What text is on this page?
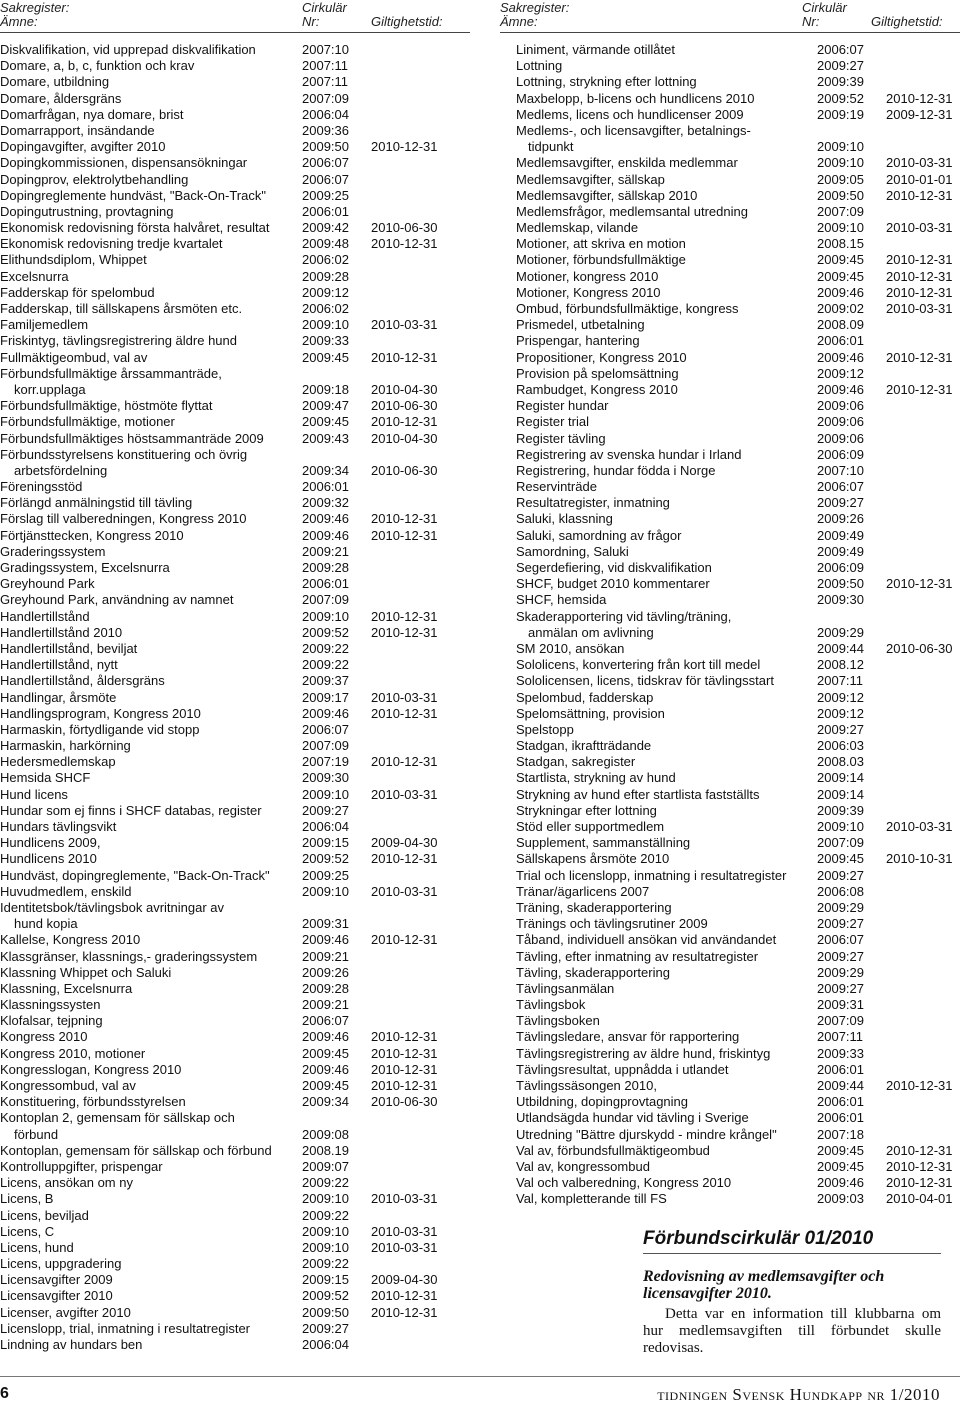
Sakregister:
Ämne:
Cirkulär
Nr:	Giltighetstid:
Diskvalifikation, vid upprepad diskvalifikation	2007:10
Domare, a, b, c, funktion och krav	2007:11
Domare, utbildning	2007:11
Domare, åldersgräns	2007:09
Domarfrågan, nya domare, brist	2006:04
Domarrapport, insändande	2009:36
Dopingavgifter, avgifter 2010	2009:50 2010-12-31
Dopingkommissionen, dispensansökningar	2006:07
Dopingprov, elektrolytbehandling	2006:07
Dopingreglemente hundväst, "Back-On-Track"	2009:25
Dopingutrustning, provtagning	2006:01
Ekonomisk redovisning första halvåret, resultat 2009:42 2010-06-30
Ekonomisk redovisning tredje kvartalet	2009:48 2010-12-31
Elithundsdiplom, Whippet	2006:02
Excelsnurra	2009:28
Fadderskap för spelombud	2009:12
Fadderskap, till sällskapens årsmöten etc.	2006:02
Familjemedlem	2009:10 2010-03-31
Friskintyg, tävlingsregistrering äldre hund	2009:33
Fullmäktigeombud, val av	2009:45 2010-12-31
Förbundsfullmäktige årssammanträde,
korr.upplaga	2009:18 2010-04-30
Förbundsfullmäktige, höstmöte flyttat	2009:47 2010-06-30
Förbundsfullmäktige, motioner	2009:45 2010-12-31
Förbundsfullmäktiges höstsammanträde 2009	2009:43 2010-04-30
Förbundsstyrelsens konstituering och övrig
arbetsfördelning	2009:34 2010-06-30
Föreningsstöd	2006:01
Förlängd anmälningstid till tävling	2009:32
Förslag till valberedningen, Kongress 2010	2009:46 2010-12-31
Förtjänsttecken, Kongress 2010	2009:46 2010-12-31
Graderingssystem	2009:21
Gradingssystem, Excelsnurra	2009:28
Greyhound Park	2006:01
Greyhound Park, användning av namnet	2007:09
Handlertillstånd	2009:10 2010-12-31
Handlertillstånd 2010	2009:52 2010-12-31
Handlertillstånd, beviljat	2009:22
Handlertillstånd, nytt	2009:22
Handlertillstånd, åldersgräns	2009:37
Handlingar, årsmöte	2009:17 2010-03-31
Handlingsprogram, Kongress 2010	2009:46 2010-12-31
Harmaskin, förtydligande vid stopp	2006:07
Harmaskin, harkörning	2007:09
Hedersmedlemskap	2007:19 2010-12-31
Hemsida SHCF	2009:30
Hund licens	2009:10 2010-03-31
Hundar som ej finns i SHCF databas, register	2009:27
Hundars tävlingsvikt	2006:04
Hundlicens 2009,	2009:15 2009-04-30
Hundlicens 2010	2009:52 2010-12-31
Hundväst, dopingreglemente, "Back-On-Track" 2009:25
Huvudmedlem, enskild	2009:10 2010-03-31
Identitetsbok/tävlingsbok avritningar av
hund kopia	2009:31
Kallelse, Kongress 2010	2009:46 2010-12-31
Klassgränser, klassnings,- graderingssystem	2009:21
Klassning Whippet och Saluki	2009:26
Klassning, Excelsnurra	2009:28
Klassningssysten	2009:21
Klofalsar, tejpning	2006:07
Kongress 2010	2009:46 2010-12-31
Kongress 2010, motioner	2009:45 2010-12-31
Kongresslogan, Kongress 2010	2009:46 2010-12-31
Kongressombud, val av	2009:45 2010-12-31
Konstituering, förbundsstyrelsen	2009:34 2010-06-30
Kontoplan 2, gemensam för sällskap och
förbund	2009:08
Kontoplan, gemensam för sällskap och förbund 2008.19
Kontrolluppgifter, prispengar	2009:07
Licens, ansökan om ny	2009:22
Licens, B	2009:10 2010-03-31
Licens, beviljad	2009:22
Licens, C	2009:10 2010-03-31
Licens, hund	2009:10 2010-03-31
Licens, uppgradering	2009:22
Licensavgifter 2009	2009:15 2009-04-30
Licensavgifter 2010	2009:52 2010-12-31
Licenser, avgifter 2010	2009:50 2010-12-31
Licenslopp, trial, inmatning i resultatregister	2009:27
Lindning av hundars ben	2006:04
Sakregister:
Ämne:
Cirkulär
Nr:	Giltighetstid:
Liniment, värmande otillåtet	2006:07
Lottning	2009:27
Lottning, strykning efter lottning	2009:39
Maxbelopp, b-licens och hundlicens 2010	2009:52 2010-12-31
Medlems, licens och hundlicenser 2009	2009:19 2009-12-31
Medlems-, och licensavgifter, betalnings-
tidpunkt	2009:10
Medlemsavgifter, enskilda medlemmar	2009:10 2010-03-31
Medlemsavgifter, sällskap	2009:05 2010-01-01
Medlemsavgifter, sällskap 2010	2009:50 2010-12-31
Medlemsfrågor, medlemsantal utredning	2007:09
Medlemskap, vilande	2009:10 2010-03-31
Motioner, att skriva en motion	2008.15
Motioner, förbundsfullmäktige	2009:45 2010-12-31
Motioner, kongress 2010	2009:45 2010-12-31
Motioner, Kongress 2010	2009:46 2010-12-31
Ombud, förbundsfullmäktige, kongress	2009:02 2010-03-31
Prismedel, utbetalning	2008.09
Prispengar, hantering	2006:01
Propositioner, Kongress 2010	2009:46 2010-12-31
Provision på spelomsättning	2009:12
Rambudget, Kongress 2010	2009:46 2010-12-31
Register hundar	2009:06
Register trial	2009:06
Register tävling	2009:06
Registrering av svenska hundar i Irland	2006:09
Registrering, hundar födda i Norge	2007:10
Reservinträde	2006:07
Resultatregister, inmatning	2009:27
Saluki, klassning	2009:26
Saluki, samordning av frågor	2009:49
Samordning, Saluki	2009:49
Segerdefiering, vid diskvalifikation	2006:09
SHCF, budget 2010 kommentarer	2009:50 2010-12-31
SHCF, hemsida	2009:30
Skaderapportering vid tävling/träning,
anmälan om avlivning	2009:29
SM 2010, ansökan	2009:44 2010-06-30
Sololicens, konvertering från kort till medel	2008.12
Sololicensen, licens, tidskrav för tävlingsstart	2007:11
Spelombud, fadderskap	2009:12
Spelomsättning, provision	2009:12
Spelstopp	2009:27
Stadgan, ikraftträdande	2006:03
Stadgan, sakregister	2008.03
Startlista, strykning av hund	2009:14
Strykning av hund efter startlista fastställts	2009:14
Strykningar efter lottning	2009:39
Stöd eller supportmedlem	2009:10 2010-03-31
Supplement, sammanställning	2007:09
Sällskapens årsmöte 2010	2009:45 2010-10-31
Trial och licenslopp, inmatning i resultatregister 2009:27
Tränar/ägarlicens 2007	2006:08
Träning, skaderapportering	2009:29
Tränings och tävlingsrutiner 2009	2009:27
Tåband, individuell ansökan vid användandet	2006:07
Tävling, efter inmatning av resultatregister	2009:27
Tävling, skaderapportering	2009:29
Tävlingsanmälan	2009:27
Tävlingsbok	2009:31
Tävlingsboken	2007:09
Tävlingsledare, ansvar för rapportering	2007:11
Tävlingsregistrering av äldre hund, friskintyg	2009:33
Tävlingsresultat, uppnådda i utlandet	2006:01
Tävlingssäsongen 2010,	2009:44 2010-12-31
Utbildning, dopingprovtagning	2006:01
Utlandsägda hundar vid tävling i Sverige	2006:01
Utredning "Bättre djurskydd - mindre krångel"	2007:18
Val av, förbundsfullmäktigeombud	2009:45 2010-12-31
Val av, kongressombud	2009:45 2010-12-31
Val och valberedning, Kongress 2010	2009:46 2010-12-31
Val, kompletterande till FS	2009:03 2010-04-01
Förbundscirkulär 01/2010
Redovisning av medlemsavgifter och licensavgifter 2010.
Detta var en information till klubbarna om hur medlemsavgiften till förbundet skulle redovisas.
6	tidningen Svensk Hundkapp nr 1/2010
